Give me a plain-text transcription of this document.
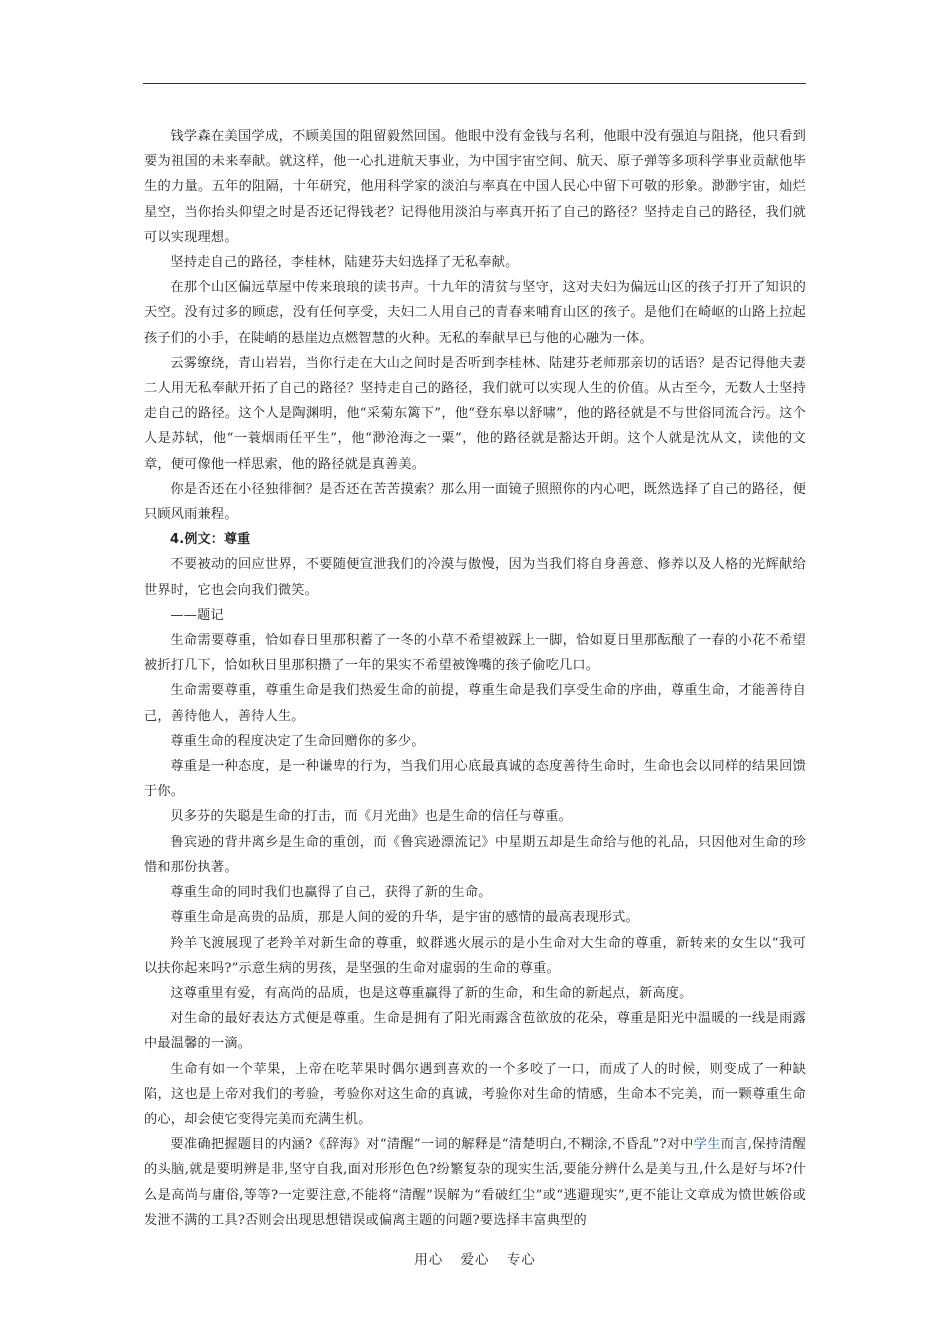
钱学森在美国学成，不顾美国的阻留毅然回国。他眼中没有金钱与名利，他眼中没有强迫与阻挠，他只看到要为祖国的未来奉献。就这样，他一心扎进航天事业，为中国宇宙空间、航天、原子弹等多项科学事业贡献他毕生的力量。五年的阻隔，十年研究，他用科学家的淡泊与率真在中国人民心中留下可敬的形象。渺渺宇宙，灿烂星空，当你抬头仰望之时是否还记得钱老？记得他用淡泊与率真开拓了自己的路径？坚持走自己的路径，我们就可以实现理想。

坚持走自己的路径，李桂林，陆建芬夫妇选择了无私奉献。

在那个山区偏远草屋中传来琅琅的读书声。十九年的清贫与坚守，这对夫妇为偏远山区的孩子打开了知识的天空。没有过多的顾虑，没有任何享受，夫妇二人用自己的青春来哺育山区的孩子。是他们在崎岖的山路上拉起孩子们的小手，在陡峭的悬崖边点燃智慧的火种。无私的奉献早已与他的心融为一体。

云雾缭绕，青山岩岩，当你行走在大山之间时是否听到李桂林、陆建芬老师那亲切的话语？是否记得他夫妻二人用无私奉献开拓了自己的路径？坚持走自己的路径，我们就可以实现人生的价值。从古至今，无数人士坚持走自己的路径。这个人是陶渊明，他“采菊东篱下”，他“登东皋以舒啸”，他的路径就是不与世俗同流合污。这个人是苏轼，他“一蓑烟雨任平生”，他“渺沧海之一粟”，他的路径就是豁达开朗。这个人就是沈从文，读他的文章，便可像他一样思索，他的路径就是真善美。

你是否还在小径独徘徊？是否还在苦苦摸索？那么用一面镜子照照你的内心吧，既然选择了自己的路径，便只顾风雨兼程。

4.例文：尊重

不要被动的回应世界，不要随便宣泄我们的冷漠与傲慢，因为当我们将自身善意、修养以及人格的光辉献给世界时，它也会向我们微笑。

——题记

生命需要尊重，恰如春日里那积蓄了一冬的小草不希望被踩上一脚，恰如夏日里那酝酿了一春的小花不希望被折打几下，恰如秋日里那积攒了一年的果实不希望被馋嘴的孩子偷吃几口。

生命需要尊重，尊重生命是我们热爱生命的前提，尊重生命是我们享受生命的序曲，尊重生命，才能善待自己，善待他人，善待人生。

尊重生命的程度决定了生命回赠你的多少。

尊重是一种态度，是一种谦卑的行为，当我们用心底最真诚的态度善待生命时，生命也会以同样的结果回馈于你。

贝多芬的失聪是生命的打击，而《月光曲》也是生命的信任与尊重。

鲁宾逊的背井离乡是生命的重创，而《鲁宾逊漂流记》中星期五却是生命给与他的礼品，只因他对生命的珍惜和那份执著。

尊重生命的同时我们也赢得了自己，获得了新的生命。

尊重生命是高贵的品质，那是人间的爱的升华，是宇宙的感情的最高表现形式。

羚羊飞渡展现了老羚羊对新生命的尊重，蚁群逃火展示的是小生命对大生命的尊重，新转来的女生以“我可以扶你起来吗?”示意生病的男孩，是坚强的生命对虚弱的生命的尊重。

这尊重里有爱，有高尚的品质，也是这尊重赢得了新的生命，和生命的新起点，新高度。

对生命的最好表达方式便是尊重。生命是拥有了阳光雨露含苞欲放的花朵，尊重是阳光中温暖的一线是雨露中最温馨的一滴。

生命有如一个苹果，上帝在吃苹果时偶尔遇到喜欢的一个多咬了一口，而成了人的时候，则变成了一种缺陷，这也是上帝对我们的考验，考验你对这生命的真诚，考验你对生命的情感，生命本不完美，而一颗尊重生命的心，却会使它变得完美而充满生机。

要准确把握题目的内涵?《辞海》对“清醒”一词的解释是“清楚明白,不糊涂,不昏乱”?对中学生而言,保持清醒的头脑,就是要明辨是非,坚守自我,面对形形色色?纷繁复杂的现实生活,要能分辨什么是美与丑,什么是好与坏?什么是高尚与庸俗,等等?一定要注意,不能将“清醒”误解为“看破红尘”或“逃避现实”,更不能让文章成为愤世嫉俗或发泄不满的工具?否则会出现思想错误或偏离主题的问题?要选择丰富典型的

用心 爱心 专心
